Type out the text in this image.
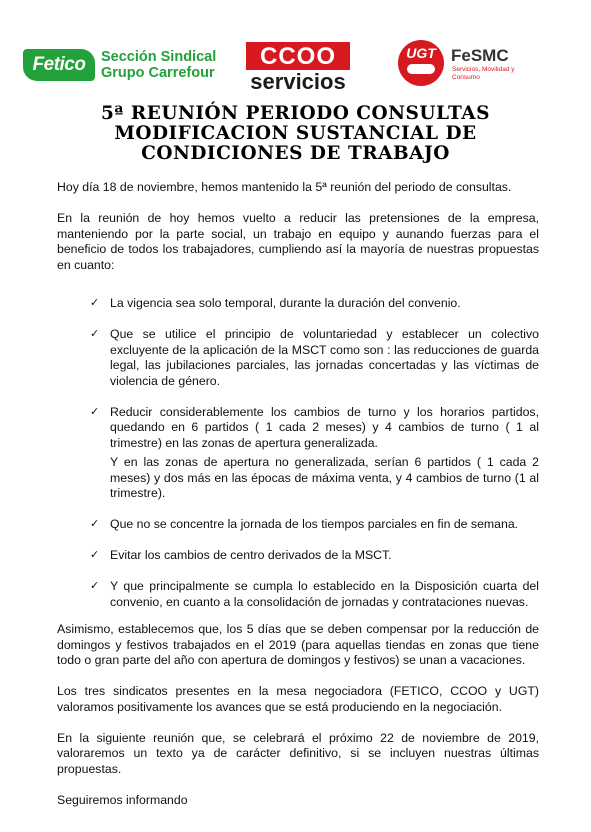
Fetico	Sección Sindical
Grupo Carrefour
CCOO
servicios
UGT FeSMC
Servicios, Movilidad y Consumo
5ª REUNIÓN PERIODO CONSULTAS
MODIFICACION SUSTANCIAL DE CONDICIONES DE TRABAJO

Hoy día 18 de noviembre, hemos mantenido la 5ª reunión del periodo de consultas.

En la reunión de hoy hemos vuelto a reducir las pretensiones de la empresa, manteniendo por la parte social, un trabajo en equipo y aunando fuerzas para el beneficio de todos los trabajadores, cumpliendo así la mayoría de nuestras propuestas en cuanto:

✓ La vigencia sea solo temporal, durante la duración del convenio.
✓ Que se utilice el principio de voluntariedad y establecer un colectivo excluyente de la aplicación de la MSCT como son : las reducciones de guarda legal, las jubilaciones parciales, las jornadas concertadas y las víctimas de violencia de género.
✓ Reducir considerablemente los cambios de turno y los horarios partidos, quedando en 6 partidos ( 1 cada 2 meses) y 4 cambios de turno ( 1 al trimestre) en las zonas de apertura generalizada.
Y en las zonas de apertura no generalizada, serían 6 partidos ( 1 cada 2 meses) y dos más en las épocas de máxima venta, y 4 cambios de turno (1 al trimestre).
✓ Que no se concentre la jornada de los tiempos parciales en fin de semana.
✓ Evitar los cambios de centro derivados de la MSCT.
✓ Y que principalmente se cumpla lo establecido en la Disposición cuarta del convenio, en cuanto a la consolidación de jornadas y contrataciones nuevas.

Asimismo, establecemos que, los 5 días que se deben compensar por la reducción de domingos y festivos trabajados en el 2019 (para aquellas tiendas en zonas que tiene todo o gran parte del año con apertura de domingos y festivos) se unan a vacaciones.

Los tres sindicatos presentes en la mesa negociadora (FETICO, CCOO y UGT) valoramos positivamente los avances que se está produciendo en la negociación.

En la siguiente reunión que, se celebrará el próximo 22 de noviembre de 2019, valoraremos un texto ya de carácter definitivo, si se incluyen nuestras últimas propuestas.

Seguiremos informando
